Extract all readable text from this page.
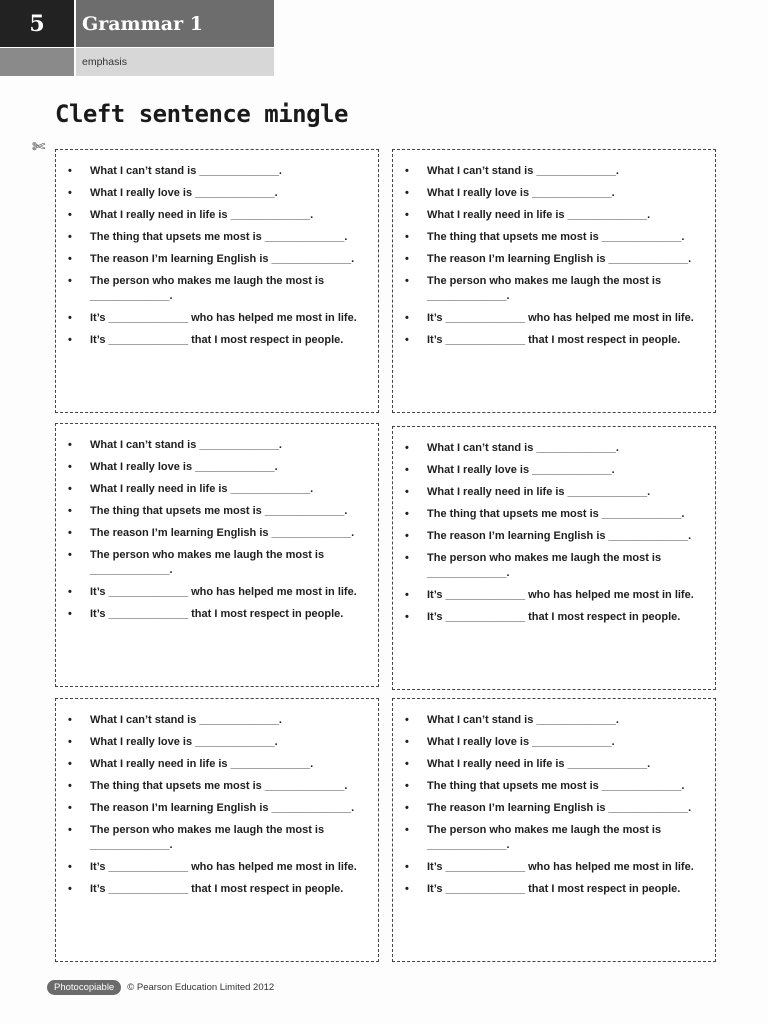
5	Grammar 1
emphasis
Cleft sentence mingle
✄
• What I can’t stand is _____________.
• What I really love is _____________.
• What I really need in life is _____________.
• The thing that upsets me most is _____________.
• The reason I’m learning English is _____________.
• The person who makes me laugh the most is _____________.
• It’s _____________ who has helped me most in life.
• It’s _____________ that I most respect in people.
• What I can’t stand is _____________.
• What I really love is _____________.
• What I really need in life is _____________.
• The thing that upsets me most is _____________.
• The reason I’m learning English is _____________.
• The person who makes me laugh the most is _____________.
• It’s _____________ who has helped me most in life.
• It’s _____________ that I most respect in people.
• What I can’t stand is _____________.
• What I really love is _____________.
• What I really need in life is _____________.
• The thing that upsets me most is _____________.
• The reason I’m learning English is _____________.
• The person who makes me laugh the most is _____________.
• It’s _____________ who has helped me most in life.
• It’s _____________ that I most respect in people.
• What I can’t stand is _____________.
• What I really love is _____________.
• What I really need in life is _____________.
• The thing that upsets me most is _____________.
• The reason I’m learning English is _____________.
• The person who makes me laugh the most is _____________.
• It’s _____________ who has helped me most in life.
• It’s _____________ that I most respect in people.
• What I can’t stand is _____________.
• What I really love is _____________.
• What I really need in life is _____________.
• The thing that upsets me most is _____________.
• The reason I’m learning English is _____________.
• The person who makes me laugh the most is _____________.
• It’s _____________ who has helped me most in life.
• It’s _____________ that I most respect in people.
• What I can’t stand is _____________.
• What I really love is _____________.
• What I really need in life is _____________.
• The thing that upsets me most is _____________.
• The reason I’m learning English is _____________.
• The person who makes me laugh the most is _____________.
• It’s _____________ who has helped me most in life.
• It’s _____________ that I most respect in people.
Photocopiable	© Pearson Education Limited 2012
